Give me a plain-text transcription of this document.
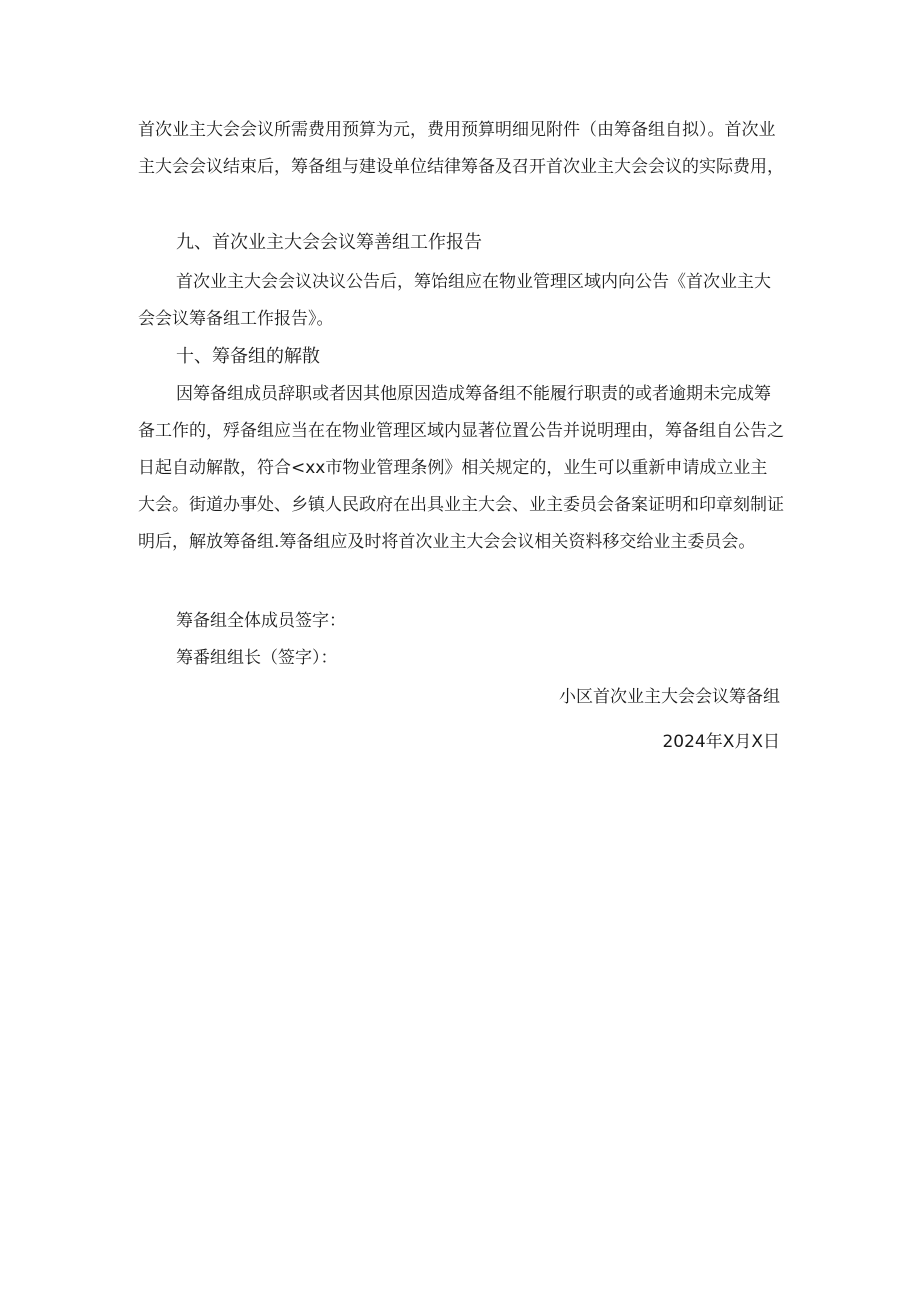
首次业主大会会议所需费用预算为元，费用预算明细见附件（由筹备组自拟）。首次业主大会会议结束后，筹备组与建设单位结律筹备及召开首次业主大会会议的实际费用，

九、首次业主大会会议筹善组工作报告

首次业主大会会议决议公告后，筹饴组应在物业管理区域内向公告《首次业主大会会议筹备组工作报告》。

十、筹备组的解散

因筹备组成员辞职或者因其他原因造成筹备组不能履行职责的或者逾期未完成筹备工作的，殍备组应当在在物业管理区域内显著位置公告并说明理由，筹备组自公告之日起自动解散，符合<xx市物业管理条例》相关规定的，业生可以重新申请成立业主大会。街道办事处、乡镇人民政府在出具业主大会、业主委员会备案证明和印章刻制证明后，解放筹备组.筹备组应及时将首次业主大会会议相关资料移交给业主委员会。

筹备组全体成员签字：

筹番组组长（签字）：

小区首次业主大会会议筹备组

2024年X月X日
